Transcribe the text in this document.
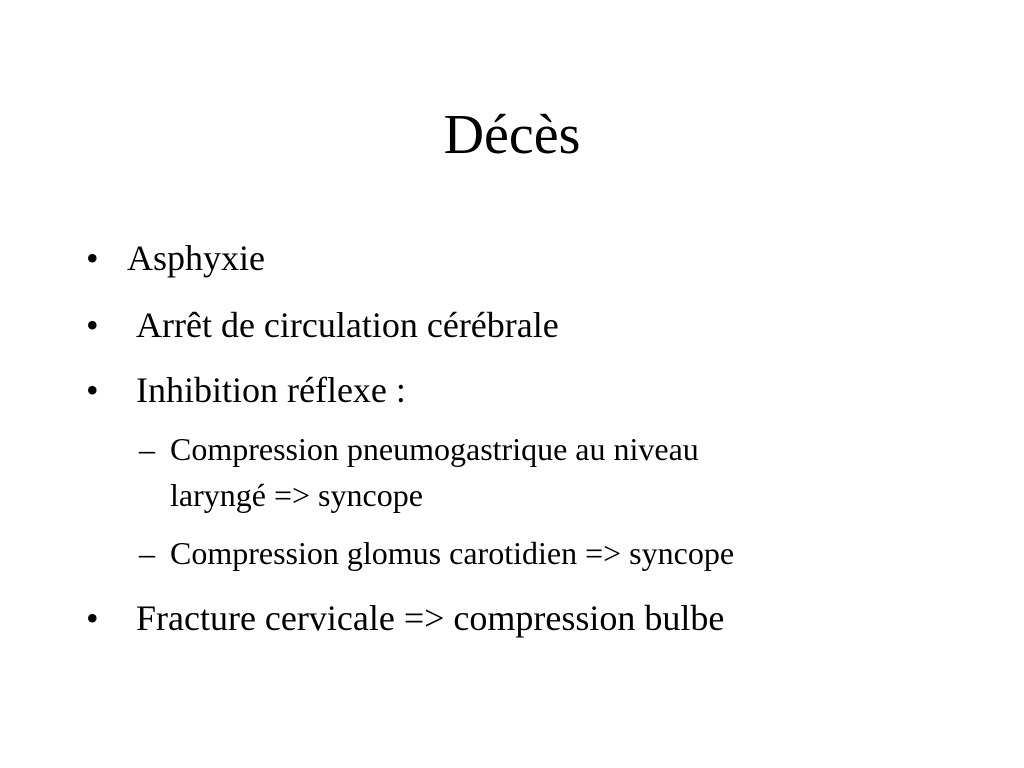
Décès
• Asphyxie
• Arrêt de circulation cérébrale
• Inhibition réflexe :
– Compression pneumogastrique au niveau
laryngé => syncope
– Compression glomus carotidien => syncope
• Fracture cervicale => compression bulbe
